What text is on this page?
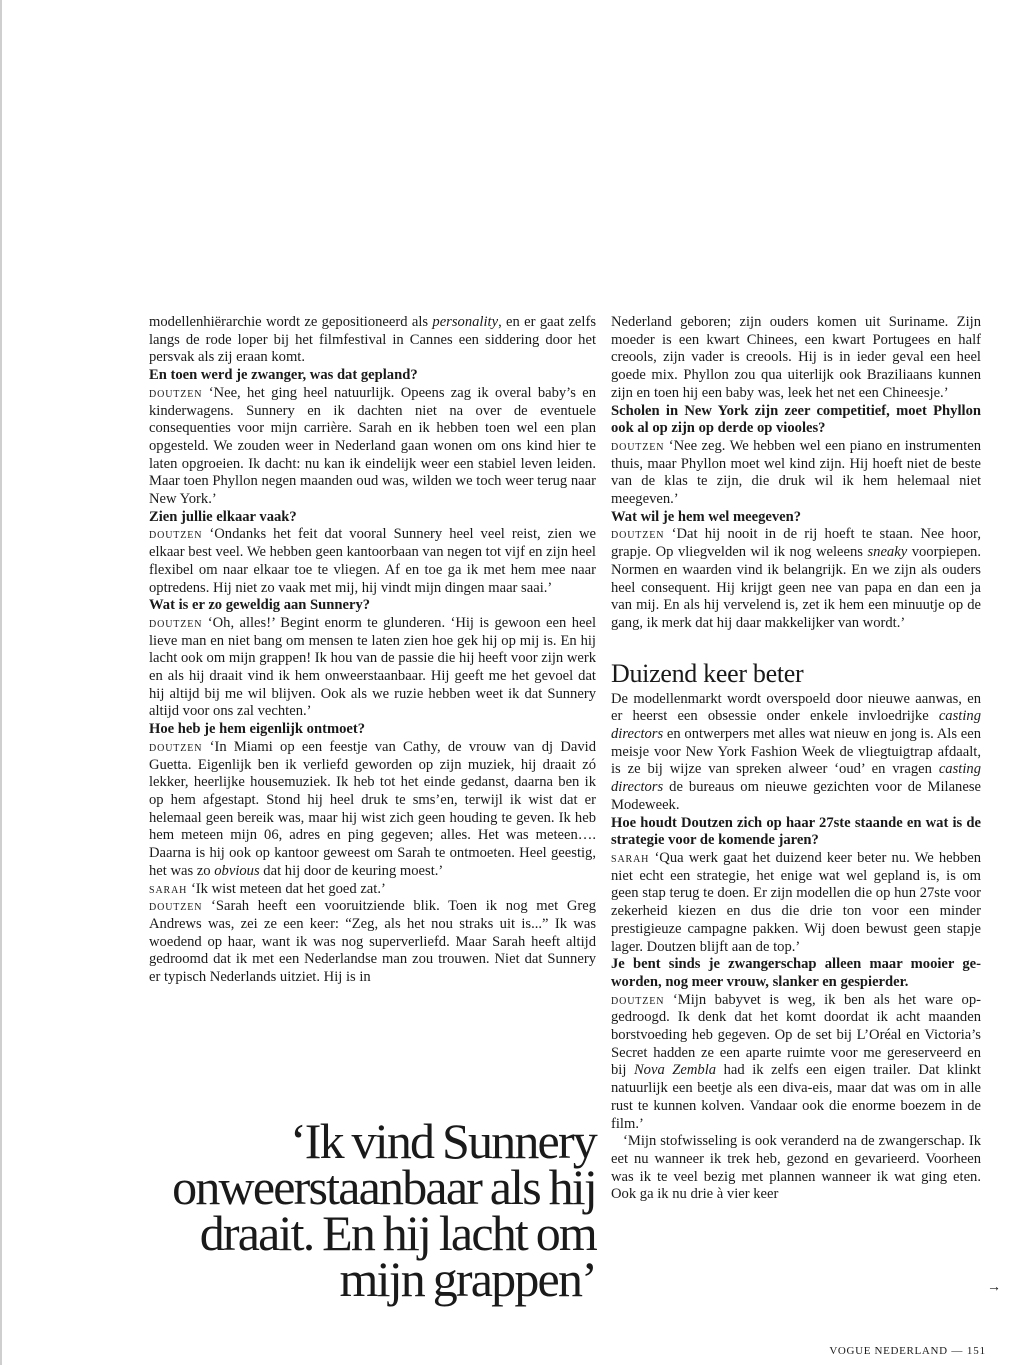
modellenhiërarchie wordt ze gepositioneerd als personality, en er gaat zelfs langs de rode loper bij het filmfestival in Cannes een siddering door het persvak als zij eraan komt.

En toen werd je zwanger, was dat gepland?

doutzen ‘Nee, het ging heel natuurlijk. Opeens zag ik overal baby’s en kinderwagens. Sunnery en ik dachten niet na over de eventuele consequenties voor mijn carrière. Sarah en ik hebben toen wel een plan opgesteld. We zouden weer in Nederland gaan wonen om ons kind hier te laten opgroeien. Ik dacht: nu kan ik eindelijk weer een stabiel leven leiden. Maar toen Phyllon negen maanden oud was, wilden we toch weer terug naar New York.’

Zien jullie elkaar vaak?

doutzen ‘Ondanks het feit dat vooral Sunnery heel veel reist, zien we elkaar best veel. We hebben geen kantoorbaan van negen tot vijf en zijn heel flexibel om naar elkaar toe te vliegen. Af en toe ga ik met hem mee naar optredens. Hij niet zo vaak met mij, hij vindt mijn dingen maar saai.’

Wat is er zo geweldig aan Sunnery?

doutzen ‘Oh, alles!’ Begint enorm te glunderen. ‘Hij is gewoon een heel lieve man en niet bang om mensen te laten zien hoe gek hij op mij is. En hij lacht ook om mijn grappen! Ik hou van de passie die hij heeft voor zijn werk en als hij draait vind ik hem onweerstaanbaar. Hij geeft me het gevoel dat hij altijd bij me wil blijven. Ook als we ruzie hebben weet ik dat Sunnery altijd voor ons zal vechten.’

Hoe heb je hem eigenlijk ontmoet?

doutzen ‘In Miami op een feestje van Cathy, de vrouw van dj David Guetta. Eigenlijk ben ik verliefd geworden op zijn muziek, hij draait zó lekker, heerlijke housemuziek. Ik heb tot het einde gedanst, daarna ben ik op hem afgestapt. Stond hij heel druk te sms’en, terwijl ik wist dat er helemaal geen bereik was, maar hij wist zich geen houding te geven. Ik heb hem meteen mijn 06, adres en ping gegeven; alles. Het was meteen…. Daarna is hij ook op kantoor geweest om Sarah te ontmoeten. Heel geestig, het was zo obvious dat hij door de keuring moest.’

sarah ‘Ik wist meteen dat het goed zat.’

doutzen ‘Sarah heeft een vooruitziende blik. Toen ik nog met Greg Andrews was, zei ze een keer: “Zeg, als het nou straks uit is...” Ik was woedend op haar, want ik was nog superverliefd. Maar Sarah heeft altijd gedroomd dat ik met een Nederlandse man zou trouwen. Niet dat Sunnery er typisch Nederlands uitziet. Hij is in

Nederland geboren; zijn ouders komen uit Suriname. Zijn moeder is een kwart Chinees, een kwart Portugees en half creools, zijn vader is creools. Hij is in ieder geval een heel goede mix. Phyllon zou qua uiterlijk ook Braziliaans kunnen zijn en toen hij een baby was, leek het net een Chineesje.’

Scholen in New York zijn zeer competitief, moet Phyllon ook al op zijn op derde op viooles?

doutzen ‘Nee zeg. We hebben wel een piano en instrumenten thuis, maar Phyllon moet wel kind zijn. Hij hoeft niet de beste van de klas te zijn, die druk wil ik hem helemaal niet meegeven.’

Wat wil je hem wel meegeven?

doutzen ‘Dat hij nooit in de rij hoeft te staan. Nee hoor, grapje. Op vliegvelden wil ik nog weleens sneaky voorpiepen. Normen en waarden vind ik belangrijk. En we zijn als ouders heel consequent. Hij krijgt geen nee van papa en dan een ja van mij. En als hij vervelend is, zet ik hem een minuutje op de gang, ik merk dat hij daar makkelijker van wordt.’

Duizend keer beter

De modellenmarkt wordt overspoeld door nieuwe aanwas, en er heerst een obsessie onder enkele invloedrijke casting directors en ontwerpers met alles wat nieuw en jong is. Als een meisje voor New York Fashion Week de vliegtuigtrap afdaalt, is ze bij wijze van spreken alweer ‘oud’ en vragen casting directors de bureaus om nieuwe gezichten voor de Milanese Modeweek.

Hoe houdt Doutzen zich op haar 27ste staande en wat is de strategie voor de komende jaren?

sarah ‘Qua werk gaat het duizend keer beter nu. We hebben niet echt een strategie, het enige wat wel gepland is, is om geen stap terug te doen. Er zijn modellen die op hun 27ste voor zekerheid kiezen en dus die drie ton voor een minder prestigieuze campagne pakken. Wij doen bewust geen stapje lager. Doutzen blijft aan de top.’

Je bent sinds je zwangerschap alleen maar mooier geworden, nog meer vrouw, slanker en gespierder.

doutzen ‘Mijn babyvet is weg, ik ben als het ware opgedroogd. Ik denk dat het komt doordat ik acht maanden borstvoeding heb gegeven. Op de set bij L’Oréal en Victoria’s Secret hadden ze een aparte ruimte voor me gereserveerd en bij Nova Zembla had ik zelfs een eigen trailer. Dat klinkt natuurlijk een beetje als een diva-eis, maar dat was om in alle rust te kunnen kolven. Vandaar ook die enorme boezem in de film.’

‘Mijn stofwisseling is ook veranderd na de zwangerschap. Ik eet nu wanneer ik trek heb, gezond en gevarieerd. Voorheen was ik te veel bezig met plannen wanneer ik wat ging eten. Ook ga ik nu drie à vier keer

‘Ik vind Sunnery onweerstaanbaar als hij draait. En hij lacht om mijn grappen’	→
VOGUE NEDERLAND — 151
